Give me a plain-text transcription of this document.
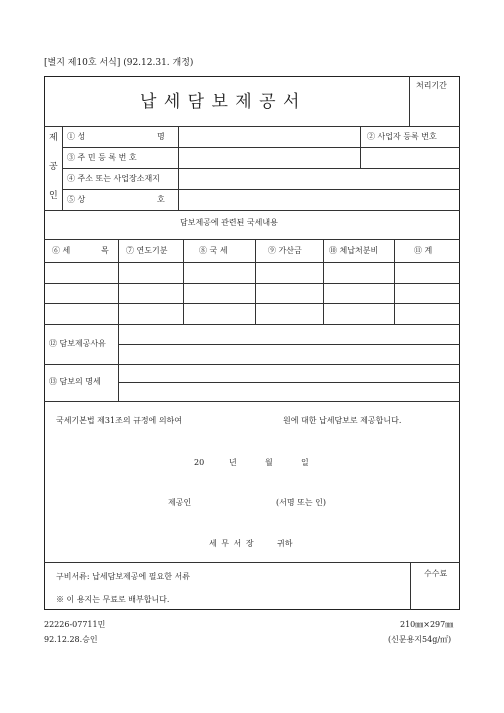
[별지 제10호 서식] (92.12.31. 개정)
납 세 담 보 제 공 서
처리기간
제
공
인
① 성	명	② 사업자 등록 번호
③ 주 민 등 록 번 호
④ 주소 또는 사업장소재지
⑤ 상	호
담보제공에 관련된 국세내용
⑥ 세	목 ⑦ 연도기분	⑧ 국 세	⑨ 가산금	⑩ 체납처분비	⑪ 계
⑫ 담보제공사유
⑬ 담보의 명세
국세기본법 제31조의 규정에 의하여	원에 대한 납세담보로 제공합니다.
20	년	월	일
제공인	(서명 또는 인)
세 무 서 장	귀하
구비서류: 납세담보제공에 필요한 서류	수수료
※ 이 용지는 무료로 배부합니다.
22226-07711민
92.12.28.승인
210㎜×297㎜
(신문용지54g/㎡)
